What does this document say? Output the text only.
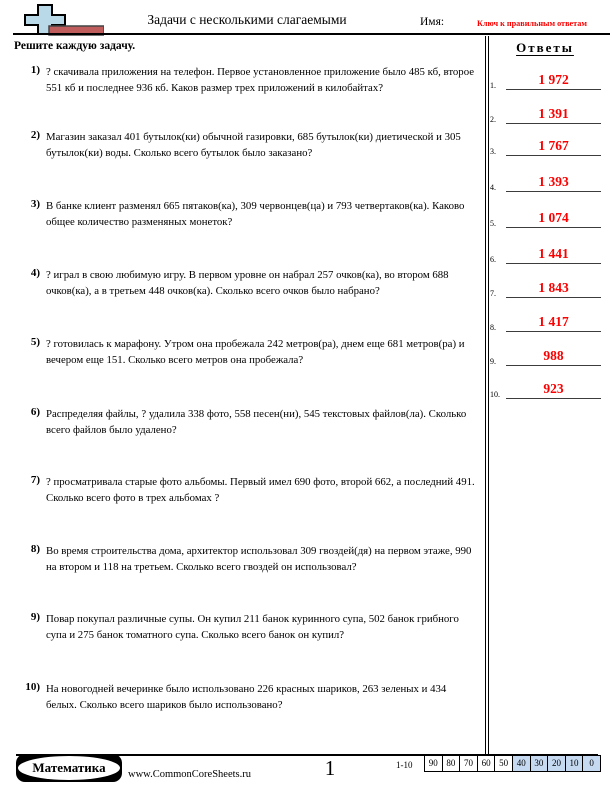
Задачи с несколькими слагаемыми	Имя:	Ключ к правильным ответам
Решите каждую задачу.
1) ? скачивала приложения на телефон. Первое установленное приложение было 485 кб, второе 551 кб и последнее 936 кб. Каков размер трех приложений в килобайтах?
2) Магазин заказал 401 бутылок(ки) обычной газировки, 685 бутылок(ки) диетической и 305 бутылок(ки) воды. Сколько всего бутылок было заказано?
3) В банке клиент разменял 665 пятаков(ка), 309 червонцев(ца) и 793 четвертаков(ка). Каково общее количество разменяных монеток?
4) ? играл в свою любимую игру. В первом уровне он набрал 257 очков(ка), во втором 688 очков(ка), а в третьем 448 очков(ка). Сколько всего очков было набрано?
5) ? готовилась к марафону. Утром она пробежала 242 метров(ра), днем еще 681 метров(ра) и вечером еще 151. Сколько всего метров она пробежала?
6) Распределяя файлы, ? удалила 338 фото, 558 песен(ни), 545 текстовых файлов(ла). Сколько всего файлов было удалено?
7) ? просматривала старые фото альбомы. Первый имел 690 фото, второй 662, а последний 491. Сколько всего фото в трех альбомах ?
8) Во время строительства дома, архитектор использовал 309 гвоздей(дя) на первом этаже, 990 на втором и 118 на третьем. Сколько всего гвоздей он использовал?
9) Повар покупал различные супы. Он купил 211 банок куринного супа, 502 банок грибного супа и 275 банок томатного супа. Сколько всего банок он купил?
10) На новогодней вечеринке было использовано 226 красных шариков, 263 зеленых и 434 белых. Сколько всего шариков было использовано?
Ответы
1.	1 972
2.	1 391
3.	1 767
4.	1 393
5.	1 074
6.	1 441
7.	1 843
8.	1 417
9.	988
10.	923
Математика www.CommonCoreSheets.ru	1	1-10	90 80 70 60 50 40 30 20 10	0
